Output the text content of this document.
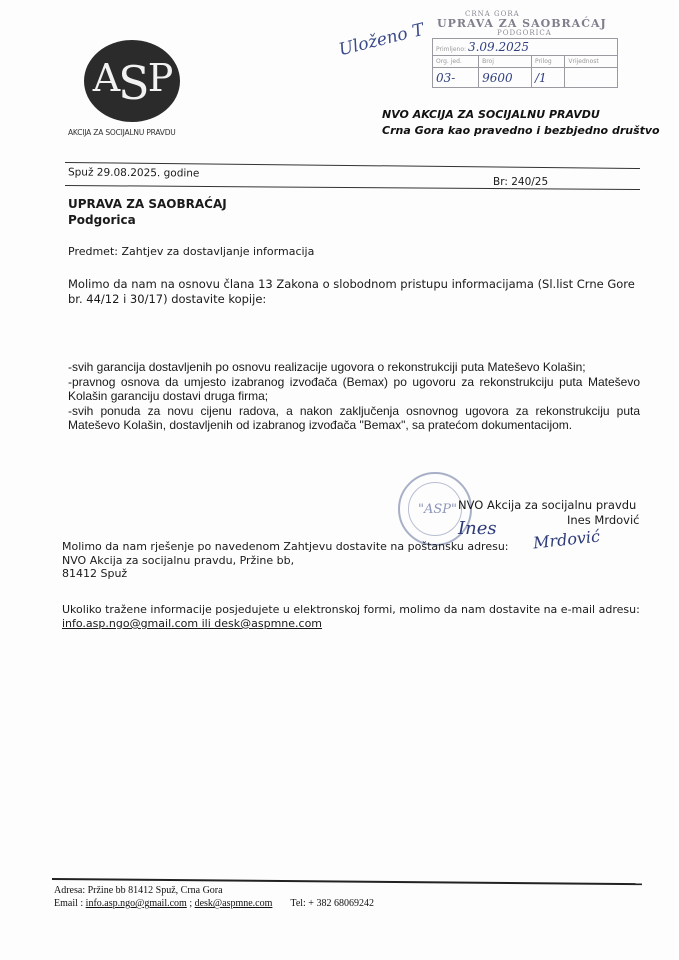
ASP
AKCIJA ZA SOCIJALNU PRAVDU
Uloženo T
CRNA GORA
UPRAVA ZA SAOBRAĆAJ
PODGORICA
Primljeno: 3.09.2025			
Org. jed.	Broj	Prilog	Vrijednost
03-	9600	/1	
NVO AKCIJA ZA SOCIJALNU PRAVDU
Crna Gora kao pravedno i bezbjedno društvo
Spuž 29.08.2025. godine
Br: 240/25
UPRAVA ZA SAOBRAĆAJ
Podgorica
Predmet: Zahtjev za dostavljanje informacija
Molimo da nam na osnovu člana 13 Zakona o slobodnom pristupu informacijama (Sl.list Crne Gore br. 44/12 i 30/17) dostavite kopije:

-svih garancija dostavljenih po osnovu realizacije ugovora o rekonstrukciji puta Mateševo Kolašin;

-pravnog osnova da umjesto izabranog izvođača (Bemax) po ugovoru za rekonstrukciju puta Mateševo Kolašin garanciju dostavi druga firma;

-svih ponuda za novu cijenu radova, a nakon zaključenja osnovnog ugovora za rekonstrukciju puta Mateševo Kolašin, dostavljenih od izabranog izvođača "Bemax", sa pratećom dokumentacijom.

"ASP" NVO Akcija za socijalnu pravdu
Ines Mrdović
Ines Mrdović
Molimo da nam rješenje po navedenom Zahtjevu dostavite na poštansku adresu:
NVO Akcija za socijalnu pravdu, Pržine bb,
81412 Spuž
Ukoliko tražene informacije posjedujete u elektronskoj formi, molimo da nam dostavite na e-mail adresu:
info.asp.ngo@gmail.com ili desk@aspmne.com
Adresa: Pržine bb 81412 Spuž, Crna Gora
Email : info.asp.ngo@gmail.com ; desk@aspmne.com Tel: + 382 68069242
